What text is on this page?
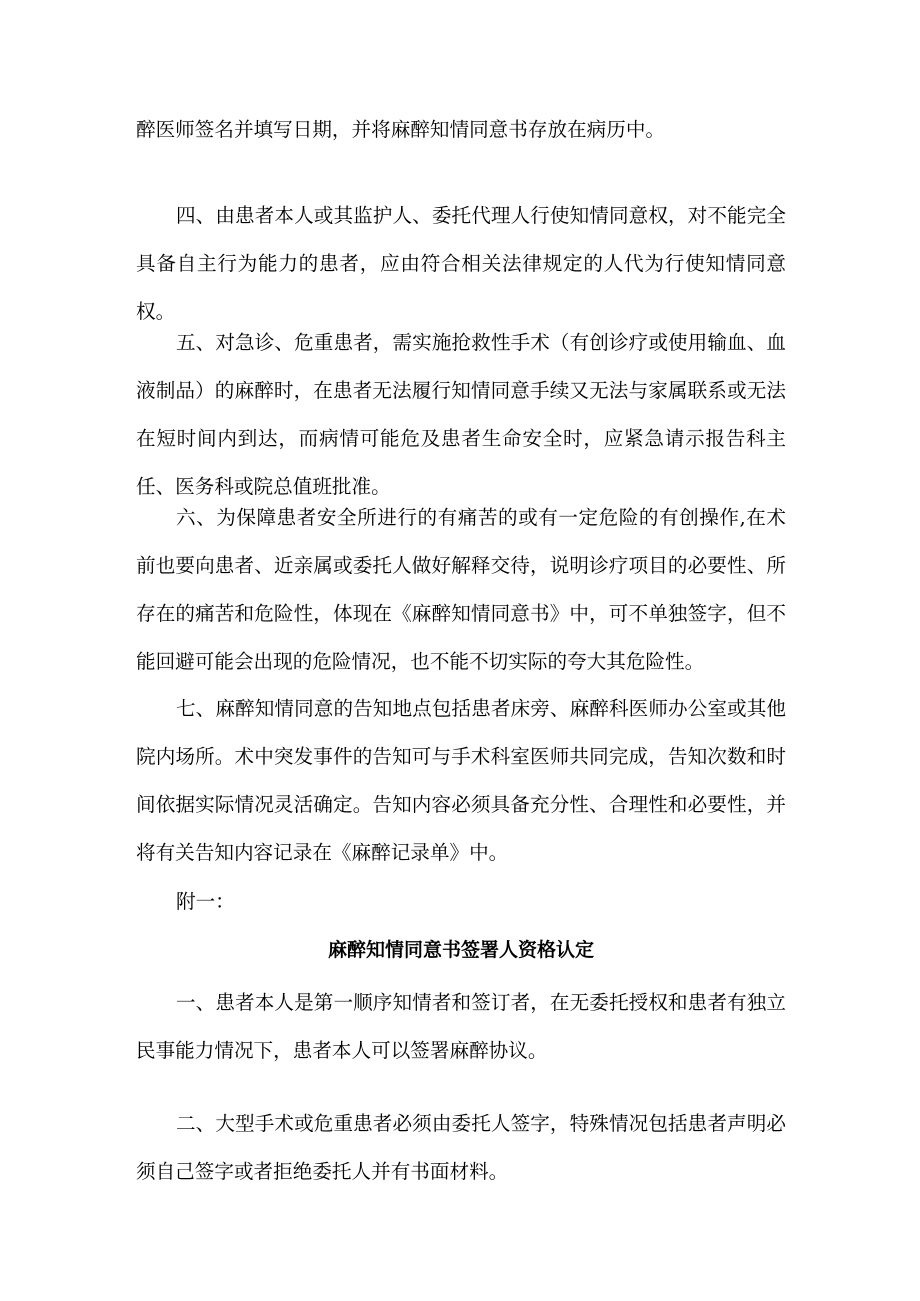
醉医师签名并填写日期，并将麻醉知情同意书存放在病历中。

四、由患者本人或其监护人、委托代理人行使知情同意权，对不能完全具备自主行为能力的患者，应由符合相关法律规定的人代为行使知情同意权。

五、对急诊、危重患者，需实施抢救性手术（有创诊疗或使用输血、血液制品）的麻醉时，在患者无法履行知情同意手续又无法与家属联系或无法在短时间内到达，而病情可能危及患者生命安全时，应紧急请示报告科主任、医务科或院总值班批准。

六、为保障患者安全所进行的有痛苦的或有一定危险的有创操作,在术前也要向患者、近亲属或委托人做好解释交待，说明诊疗项目的必要性、所存在的痛苦和危险性，体现在《麻醉知情同意书》中，可不单独签字，但不能回避可能会出现的危险情况，也不能不切实际的夸大其危险性。

七、麻醉知情同意的告知地点包括患者床旁、麻醉科医师办公室或其他院内场所。术中突发事件的告知可与手术科室医师共同完成，告知次数和时间依据实际情况灵活确定。告知内容必须具备充分性、合理性和必要性，并将有关告知内容记录在《麻醉记录单》中。

附一：

麻醉知情同意书签署人资格认定

一、患者本人是第一顺序知情者和签订者，在无委托授权和患者有独立民事能力情况下，患者本人可以签署麻醉协议。

二、大型手术或危重患者必须由委托人签字，特殊情况包括患者声明必须自己签字或者拒绝委托人并有书面材料。
